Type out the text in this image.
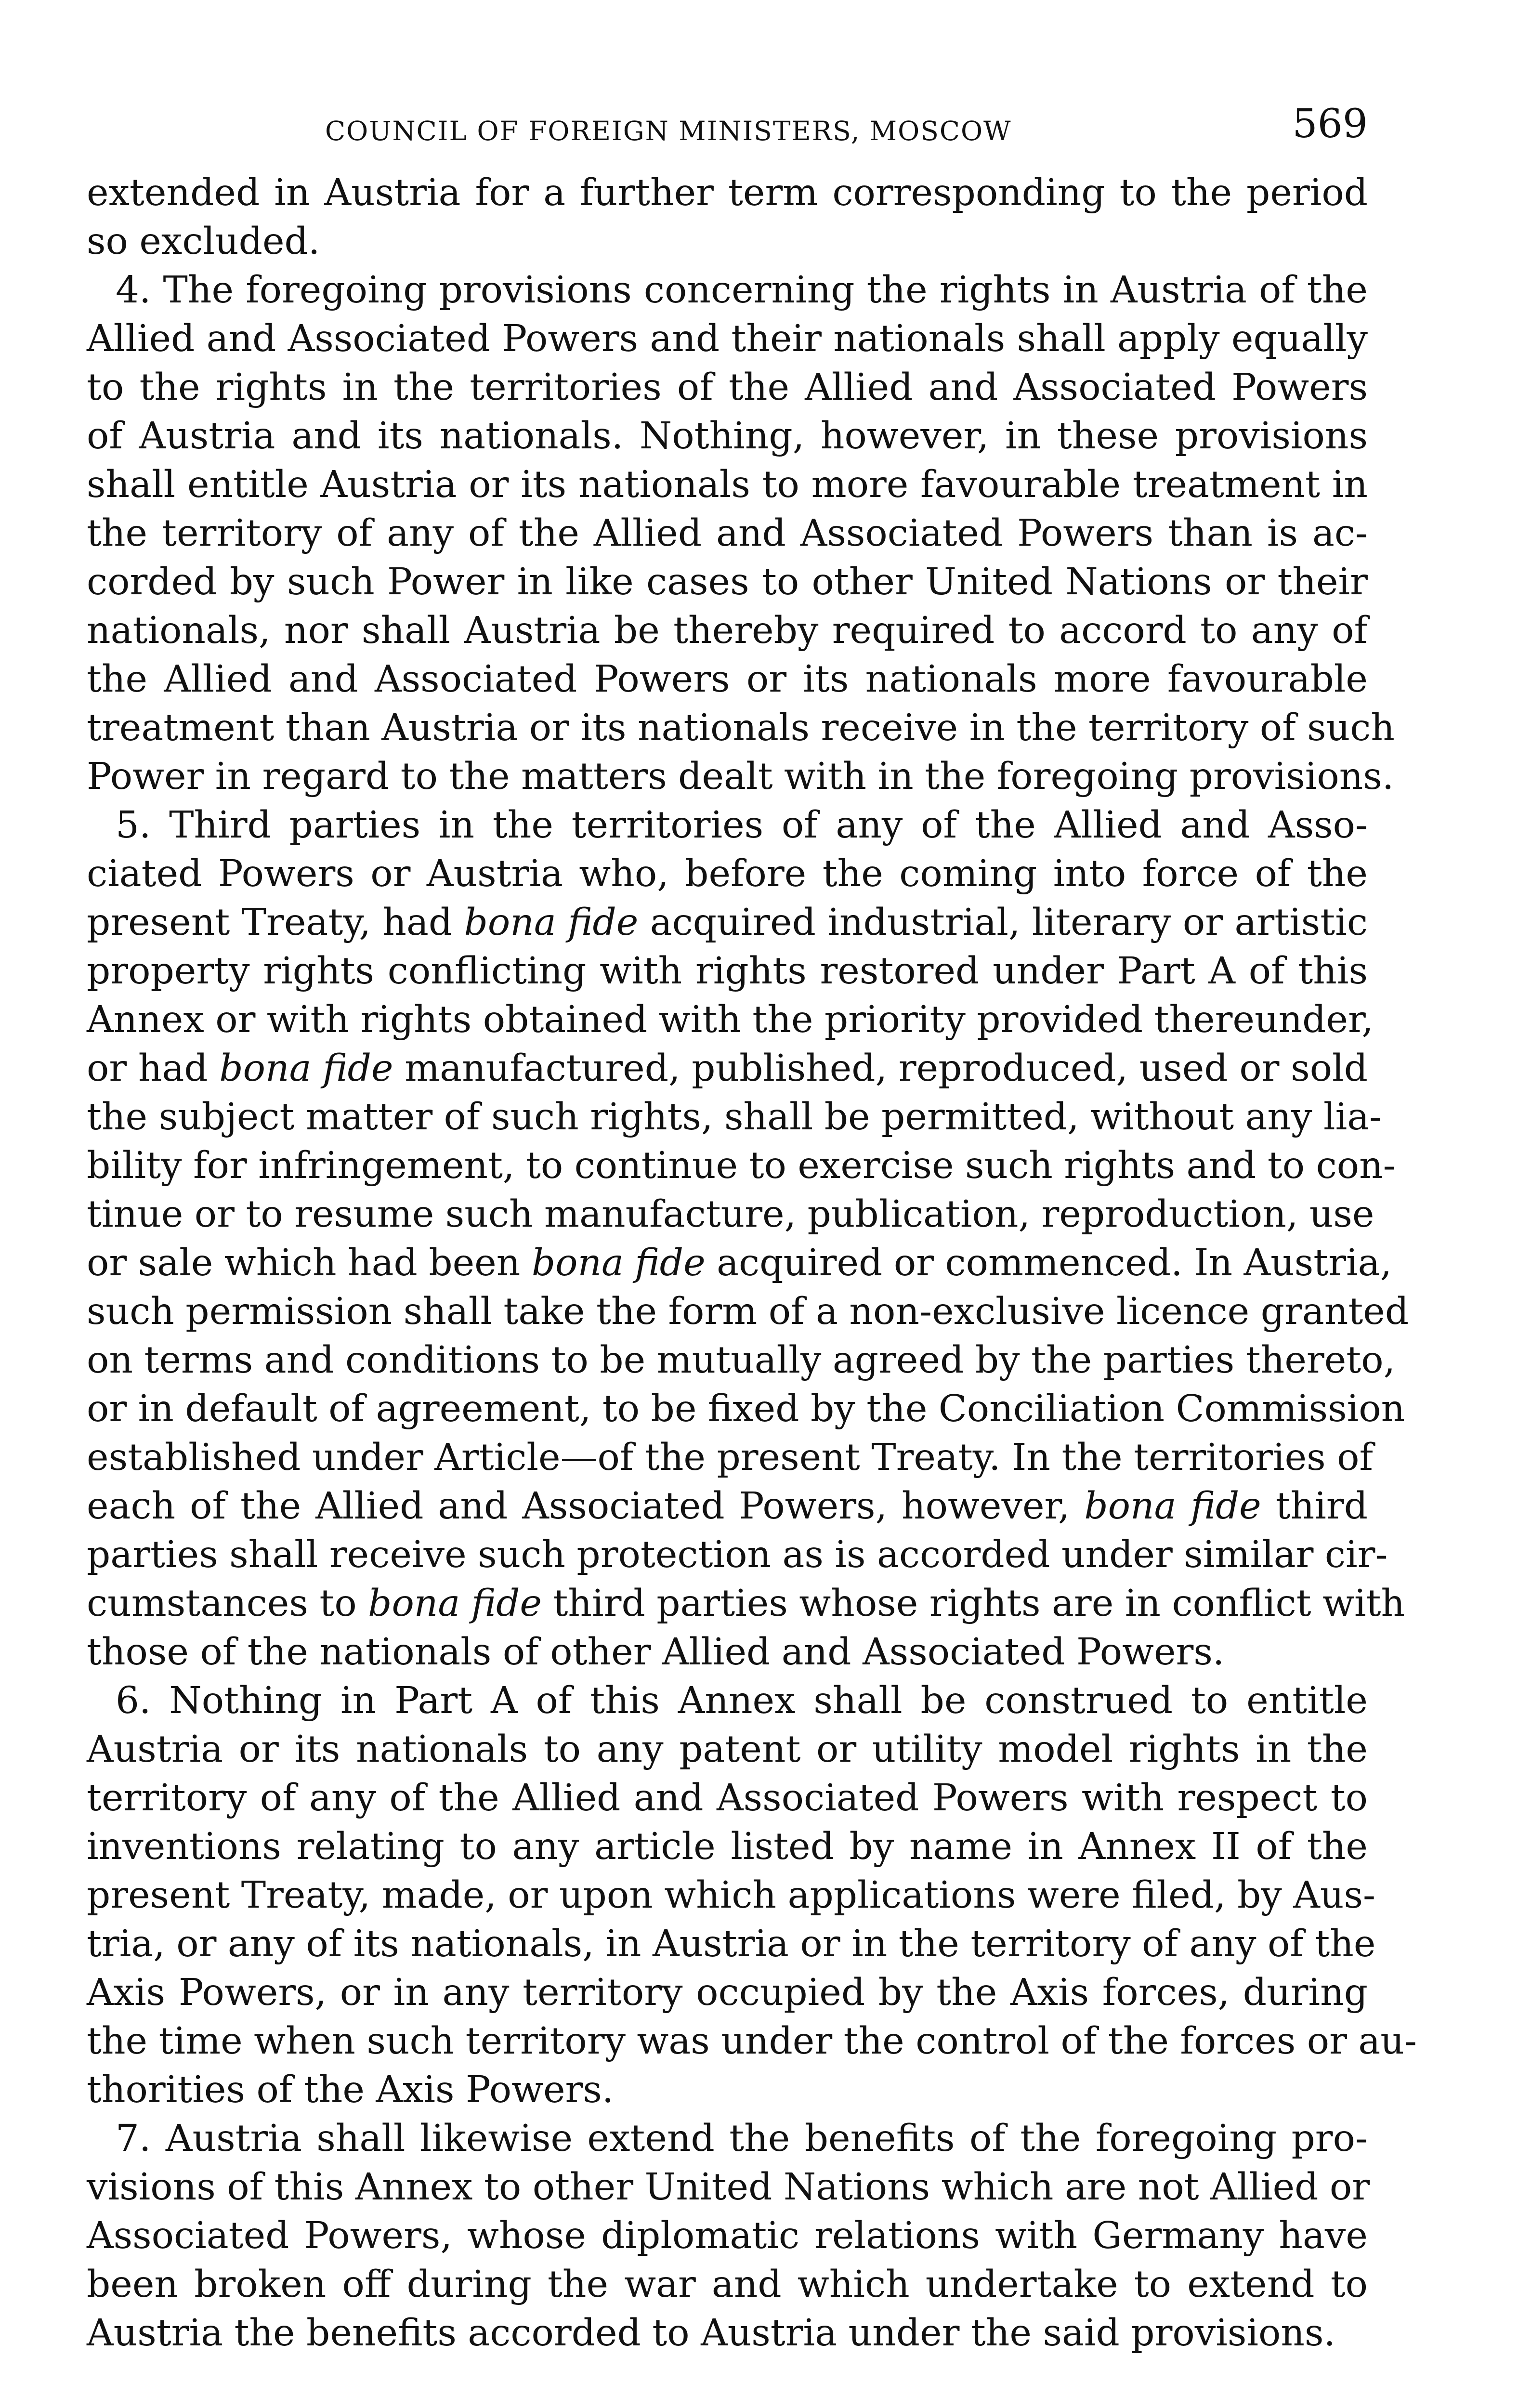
COUNCIL OF FOREIGN MINISTERS, MOSCOW	569

extended in Austria for a further term corresponding to the period
so excluded.

4. The foregoing provisions concerning the rights in Austria of the
Allied and Associated Powers and their nationals shall apply equally
to the rights in the territories of the Allied and Associated Powers
of Austria and its nationals. Nothing, however, in these provisions
shall entitle Austria or its nationals to more favourable treatment in
the territory of any of the Allied and Associated Powers than is ac-
corded by such Power in like cases to other United Nations or their
nationals, nor shall Austria be thereby required to accord to any of
the Allied and Associated Powers or its nationals more favourable
treatment than Austria or its nationals receive in the territory of such
Power in regard to the matters dealt with in the foregoing provisions.

5. Third parties in the territories of any of the Allied and Asso-
ciated Powers or Austria who, before the coming into force of the
present Treaty, had bona fide acquired industrial, literary or artistic
property rights conflicting with rights restored under Part A of this
Annex or with rights obtained with the priority provided thereunder,
or had bona fide manufactured, published, reproduced, used or sold
the subject matter of such rights, shall be permitted, without any lia-
bility for infringement, to continue to exercise such rights and to con-
tinue or to resume such manufacture, publication, reproduction, use
or sale which had been bona fide acquired or commenced. In Austria,
such permission shall take the form of a non-exclusive licence granted
on terms and conditions to be mutually agreed by the parties thereto,
or in default of agreement, to be fixed by the Conciliation Commission
established under Article—of the present Treaty. In the territories of
each of the Allied and Associated Powers, however, bona fide third
parties shall receive such protection as is accorded under similar cir-
cumstances to bona fide third parties whose rights are in conflict with
those of the nationals of other Allied and Associated Powers.

6. Nothing in Part A of this Annex shall be construed to entitle
Austria or its nationals to any patent or utility model rights in the
territory of any of the Allied and Associated Powers with respect to
inventions relating to any article listed by name in Annex II of the
present Treaty, made, or upon which applications were filed, by Aus-
tria, or any of its nationals, in Austria or in the territory of any of the
Axis Powers, or in any territory occupied by the Axis forces, during
the time when such territory was under the control of the forces or au-
thorities of the Axis Powers.

7. Austria shall likewise extend the benefits of the foregoing pro-
visions of this Annex to other United Nations which are not Allied or
Associated Powers, whose diplomatic relations with Germany have
been broken off during the war and which undertake to extend to
Austria the benefits accorded to Austria under the said provisions.
